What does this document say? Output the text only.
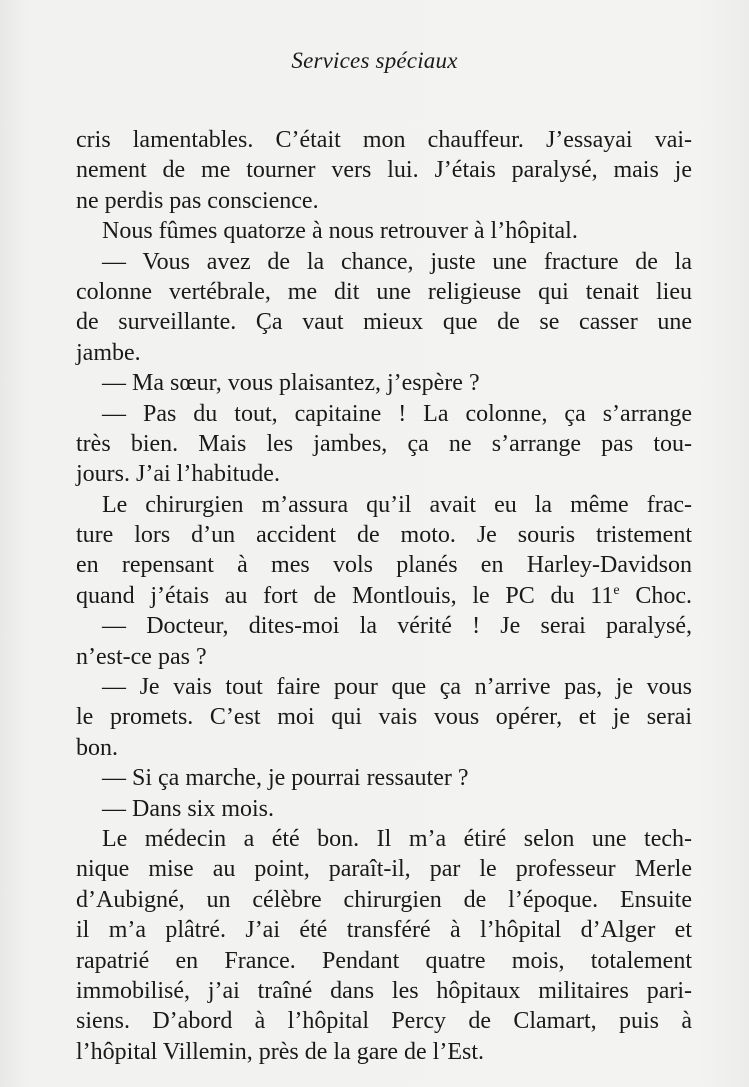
Services spéciaux
cris lamentables. C’était mon chauffeur. J’essayai vai-
nement de me tourner vers lui. J’étais paralysé, mais je
ne perdis pas conscience.
Nous fûmes quatorze à nous retrouver à l’hôpital.
— Vous avez de la chance, juste une fracture de la
colonne vertébrale, me dit une religieuse qui tenait lieu
de surveillante. Ça vaut mieux que de se casser une
jambe.
— Ma sœur, vous plaisantez, j’espère ?
— Pas du tout, capitaine ! La colonne, ça s’arrange
très bien. Mais les jambes, ça ne s’arrange pas tou-
jours. J’ai l’habitude.
Le chirurgien m’assura qu’il avait eu la même frac-
ture lors d’un accident de moto. Je souris tristement
en repensant à mes vols planés en Harley-Davidson
quand j’étais au fort de Montlouis, le PC du 11e Choc.
— Docteur, dites-moi la vérité ! Je serai paralysé,
n’est-ce pas ?
— Je vais tout faire pour que ça n’arrive pas, je vous
le promets. C’est moi qui vais vous opérer, et je serai
bon.
— Si ça marche, je pourrai ressauter ?
— Dans six mois.
Le médecin a été bon. Il m’a étiré selon une tech-
nique mise au point, paraît-il, par le professeur Merle
d’Aubigné, un célèbre chirurgien de l’époque. Ensuite
il m’a plâtré. J’ai été transféré à l’hôpital d’Alger et
rapatrié en France. Pendant quatre mois, totalement
immobilisé, j’ai traîné dans les hôpitaux militaires pari-
siens. D’abord à l’hôpital Percy de Clamart, puis à
l’hôpital Villemin, près de la gare de l’Est.
